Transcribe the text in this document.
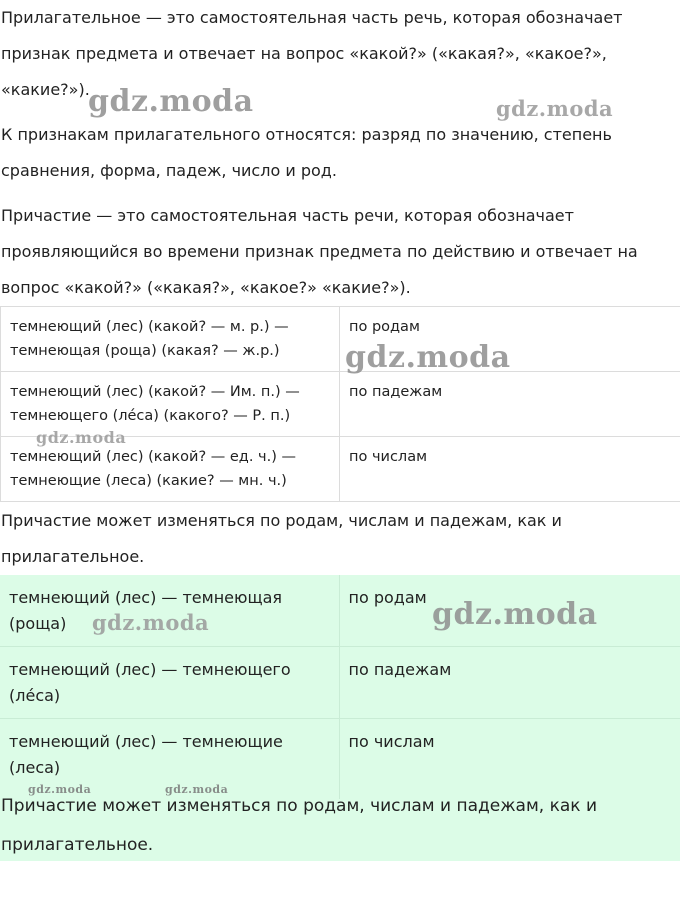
Прилагательное — это самостоятельная часть речь, которая обозначает признак предмета и отвечает на вопрос «какой?» («какая?», «какое?», «какие?»).

К признакам прилагательного относятся: разряд по значению, степень сравнения, форма, падеж, число и род.

Причастие — это самостоятельная часть речи, которая обозначает проявляющийся во времени признак предмета по действию и отвечает на вопрос «какой?» («какая?», «какое?» «какие?»).

темнеющий (лес) (какой? — м. р.) — темнеющая (роща) (какая? — ж.р.)	по родам
темнеющий (лес) (какой? — Им. п.) — темнеющего (ле́са) (какого? — Р. п.)	по падежам
темнеющий (лес) (какой? — ед. ч.) — темнеющие (леса) (какие? — мн. ч.)	по числам

Причастие может изменяться по родам, числам и падежам, как и прилагательное.

темнеющий (лес) — темнеющая (роща)	по родам
темнеющий (лес) — темнеющего (ле́са)	по падежам
темнеющий (лес) — темнеющие (леса)	по числам

Причастие может изменяться по родам, числам и падежам, как и прилагательное.

gdz.moda	gdz.moda
gdz.moda
gdz.moda
gdz.moda	gdz.moda
gdz.moda	gdz.moda
